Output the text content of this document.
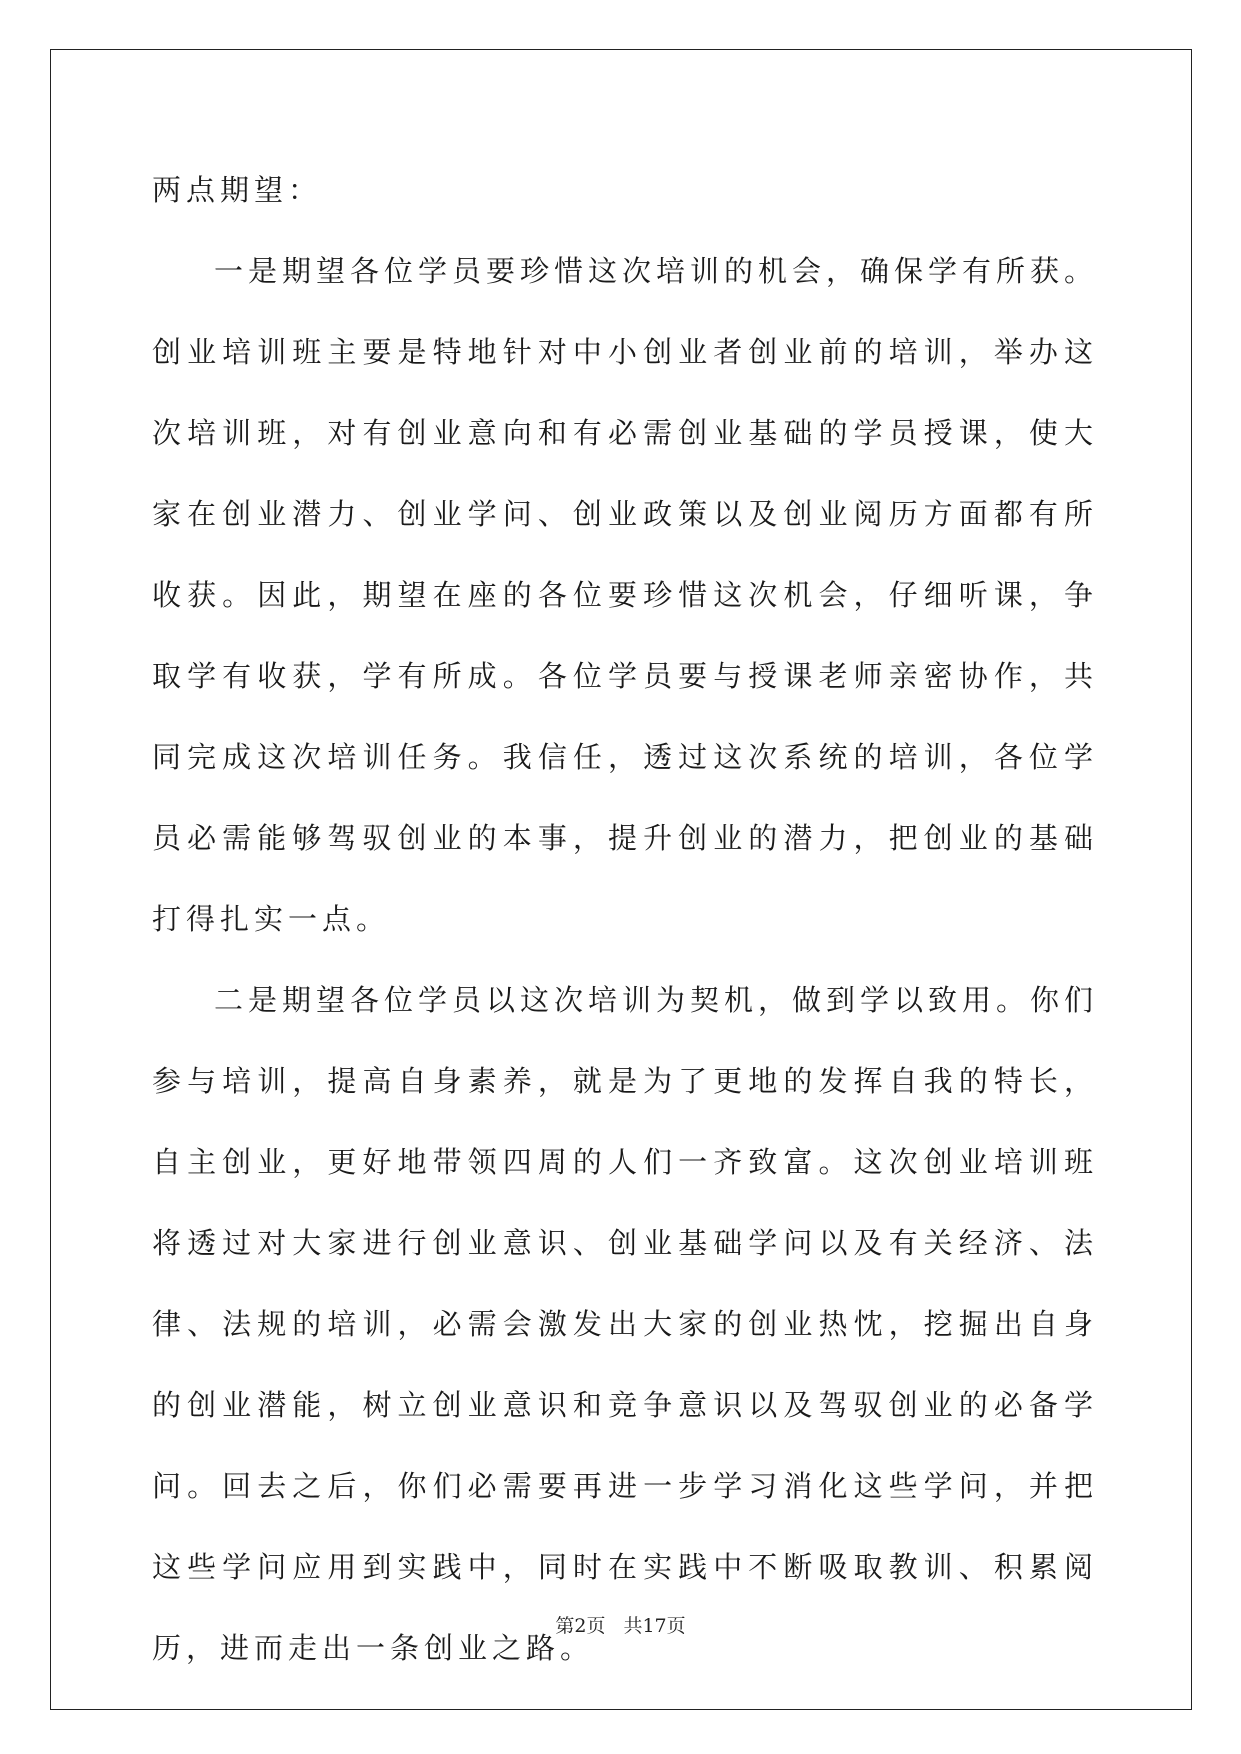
两点期望：

一是期望各位学员要珍惜这次培训的机会，确保学有所获。创业培训班主要是特地针对中小创业者创业前的培训，举办这次培训班，对有创业意向和有必需创业基础的学员授课，使大家在创业潜力、创业学问、创业政策以及创业阅历方面都有所收获。因此，期望在座的各位要珍惜这次机会，仔细听课，争取学有收获，学有所成。各位学员要与授课老师亲密协作，共同完成这次培训任务。我信任，透过这次系统的培训，各位学员必需能够驾驭创业的本事，提升创业的潜力，把创业的基础打得扎实一点。

二是期望各位学员以这次培训为契机，做到学以致用。你们参与培训，提高自身素养，就是为了更地的发挥自我的特长，自主创业，更好地带领四周的人们一齐致富。这次创业培训班将透过对大家进行创业意识、创业基础学问以及有关经济、法律、法规的培训，必需会激发出大家的创业热忱，挖掘出自身的创业潜能，树立创业意识和竞争意识以及驾驭创业的必备学问。回去之后，你们必需要再进一步学习消化这些学问，并把这些学问应用到实践中，同时在实践中不断吸取教训、积累阅历，进而走出一条创业之路。

第2页 共17页
